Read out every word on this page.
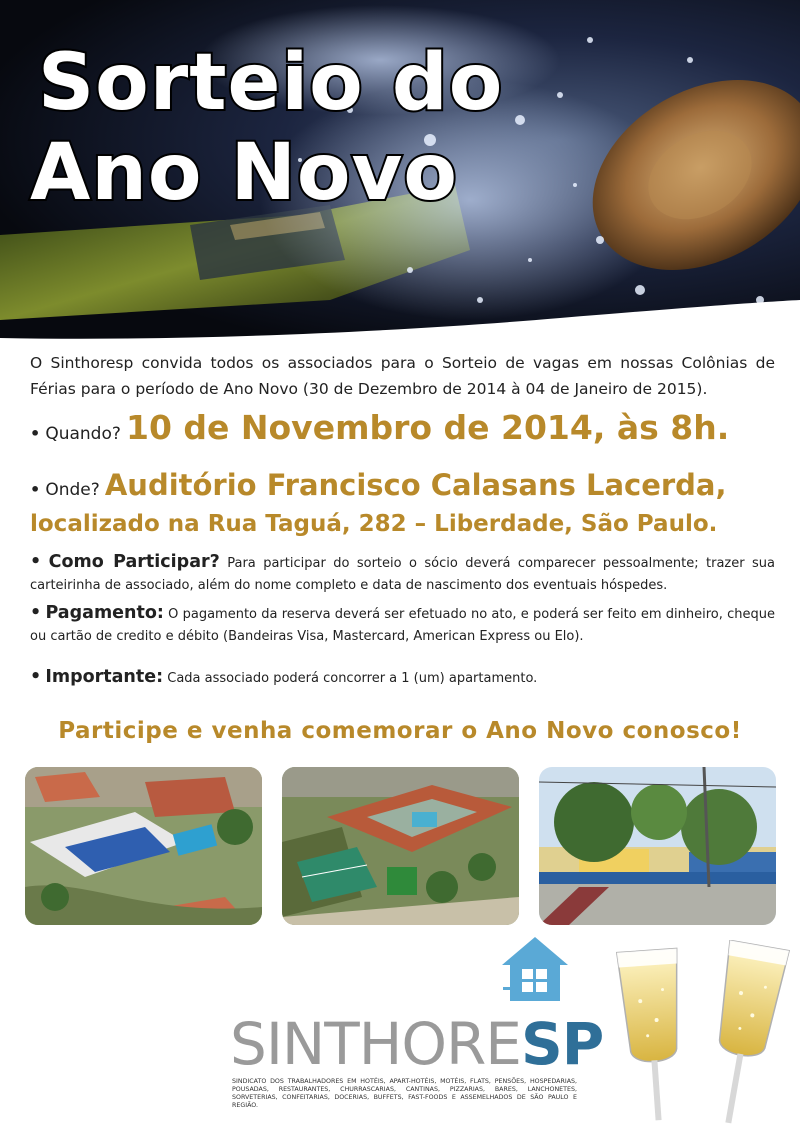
Sorteio do
Ano Novo
O Sinthoresp convida todos os associados para o Sorteio de vagas em nossas Colônias de Férias para o período de Ano Novo (30 de Dezembro de 2014 à 04 de Janeiro de 2015).
• Quando? 10 de Novembro de 2014, às 8h.
• Onde? Auditório Francisco Calasans Lacerda,
localizado na Rua Taguá, 282 – Liberdade, São Paulo.
• Como Participar? Para participar do sorteio o sócio deverá comparecer pessoalmente; trazer sua carteirinha de associado, além do nome completo e data de nascimento dos eventuais hóspedes.
• Pagamento: O pagamento da reserva deverá ser efetuado no ato, e poderá ser feito em dinheiro, cheque ou cartão de credito e débito (Bandeiras Visa, Mastercard, American Express ou Elo).
• Importante: Cada associado poderá concorrer a 1 (um) apartamento.
Participe e venha comemorar o Ano Novo conosco!
SINTHORESP
SINDICATO DOS TRABALHADORES EM HOTÉIS, APART-HOTÉIS, MOTÉIS, FLATS, PENSÕES, HOSPEDARIAS, POUSADAS, RESTAURANTES, CHURRASCARIAS, CANTINAS, PIZZARIAS, BARES, LANCHONETES, SORVETERIAS, CONFEITARIAS, DOCERIAS, BUFFETS, FAST-FOODS E ASSEMELHADOS DE SÃO PAULO E REGIÃO.
